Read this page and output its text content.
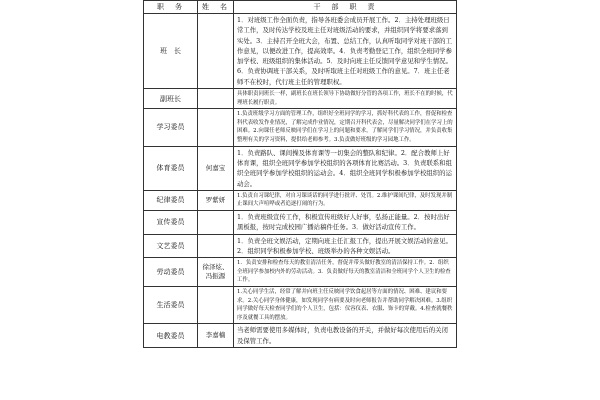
职　务	姓　名	干　部　职　责
班　长		1．对班级工作全面负责，指导各班委会成员开展工作。2．主持处理班级日常工作，及时传达学校及班主任对班级活动的要求，并组织同学将要求落到实处。3．主持召开全班大会，布置、总结工作，认真听取同学对班干部的工作意见，以便改进工作，提高效率。4．负责考勤登记工作，组织全班同学参加学校、班级组织的集体活动。5．及时向班主任反馈同学意见和学生情况。6．负责协调班干部关系，及时听取班主任对班级工作的意见。7．班主任老师不在校时，代行班主任的管理职权。
副班长		具体职责同班长一样，副班长在班长领导下协助做好分管的各项工作，班长不在的时候，代理班长履行职责。
学习委员		1.负责班级学习方面的管理工作，组织好全班同学的学习，抓好科代表的工作，督促和检查科代表收发作业情况，了解完成作业情况，定期召开科代表会，尽量解决同学们在学习上的困难。2.向课任老师反映同学们在学习上的问题和要求，了解同学们学习情况，并负责收集整理有关的学习资料，提供给老师参考。3.负责做好班级的学习园地工作。
体育委员	何嘉宝	1．负责路队、课间操及体育课等一切集会的整队和纪律。2．配合教师上好体育课，组织全班同学参加学校组织的各项体育比赛活动。3．负责联系和组织全班同学参加学校组织的运动会。4．组织全班同学积极参加学校组织的运动会。
纪律委员	罗紫妍	1.负责自习课纪律，对自习课谈话的同学进行批评、处罚。2.维护课间纪律，及时发现并制止课间大声喧哗或者追逐打闹的行为。
宣传委员		1．负责班级宣传工作，积极宣传班级好人好事，弘扬正能量。2．按时出好黑板报，按时完成校园广播站稿件任务。3．做好活动宣传工作。
文艺委员		1．负责全班文娱活动，定期向班主任汇报工作，提出开展文娱活动的意见。2．组织同学积极参加学校、班级举办的各种文娱活动。
劳动委员	徐泽炫、冯振源	1．负责安排和检查每天的教室清洁任务，督促并带头做好教室的清洁保持工作。2．组织全班同学参加校内外的劳动活动。3．负责做好每天的教室清洁和全班同学个人卫生的检查工作。
生活委员		1.关心同学生活，经常了解并向班主任反映同学饮食起居等方面的情况、困难、建议和要求。2.关心同学身体健康，如发现同学有病要及时向老师报告并帮助同学解决困难。3.组织同学做好每天检查同学们的个人卫生，包括：仪容仪表、衣服、饰卡的穿戴。4.检查就餐秩序及就餐工具的摆放。
电教委员	李嘉楠	当老师需要使用多媒体时，负责电教设备的开关，并做好每次使用后的关闭及保管工作。
